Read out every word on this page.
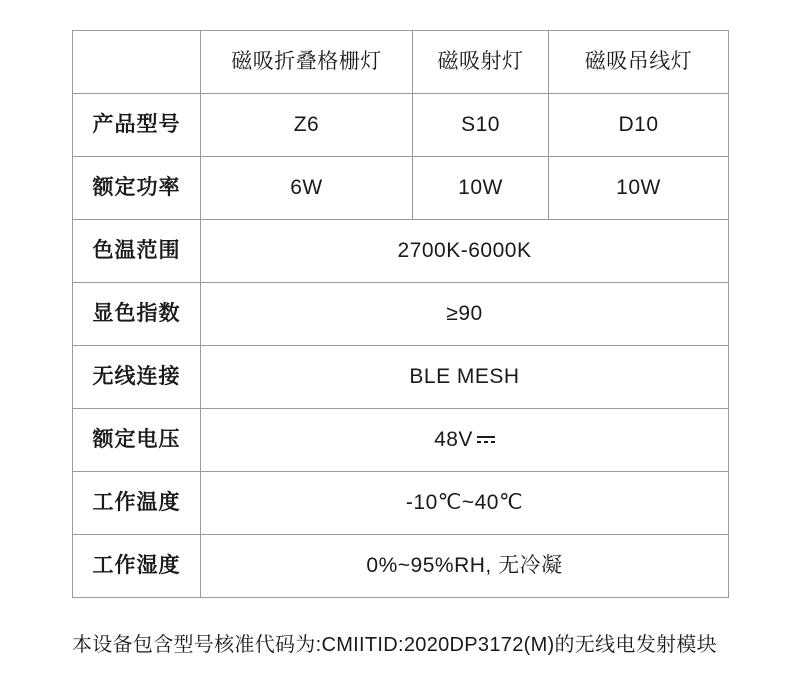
	磁吸折叠格栅灯	磁吸射灯	磁吸吊线灯
产品型号	Z6	S10	D10
额定功率	6W	10W	10W
色温范围	2700K-6000K		
显色指数	≥90		
无线连接	BLE MESH		
额定电压	48V		

工作温度	-10℃~40℃		
工作湿度	0%~95%RH, 无冷凝		
本设备包含型号核准代码为:CMIITID:2020DP3172(M)的无线电发射模块
